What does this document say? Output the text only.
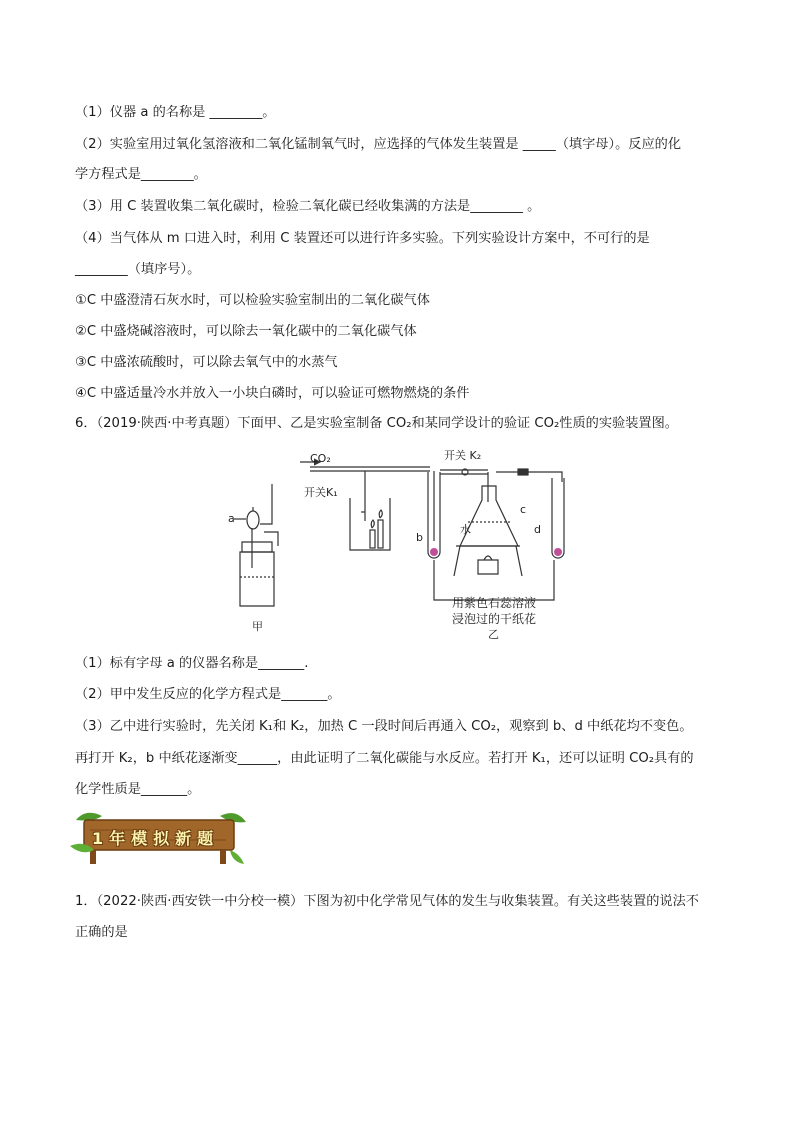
（1）仪器 a 的名称是 ________。
（2）实验室用过氧化氢溶液和二氧化锰制氧气时，应选择的气体发生装置是 _____（填字母）。反应的化
学方程式是________。
（3）用 C 装置收集二氧化碳时，检验二氧化碳已经收集满的方法是________ 。
（4）当气体从 m 口进入时，利用 C 装置还可以进行许多实验。下列实验设计方案中，不可行的是
________（填序号）。
①C 中盛澄清石灰水时，可以检验实验室制出的二氧化碳气体
②C 中盛烧碱溶液时，可以除去一氧化碳中的二氧化碳气体
③C 中盛浓硫酸时，可以除去氧气中的水蒸气
④C 中盛适量冷水并放入一小块白磷时，可以验证可燃物燃烧的条件
6．（2019·陕西·中考真题）下面甲、乙是实验室制备 CO₂和某同学设计的验证 CO₂性质的实验装置图。
a
甲
CO₂
开关K₁
开关 K₂
b
c
d
水
用紫色石蕊溶液
浸泡过的干纸花
乙
（1）标有字母 a 的仪器名称是_______.
（2）甲中发生反应的化学方程式是_______。
（3）乙中进行实验时，先关闭 K₁和 K₂，加热 C 一段时间后再通入 CO₂，观察到 b、d 中纸花均不变色。
再打开 K₂，b 中纸花逐渐变______，由此证明了二氧化碳能与水反应。若打开 K₁，还可以证明 CO₂具有的
化学性质是_______。
1年模拟新题
1．（2022·陕西·西安铁一中分校一模）下图为初中化学常见气体的发生与收集装置。有关这些装置的说法不
正确的是
